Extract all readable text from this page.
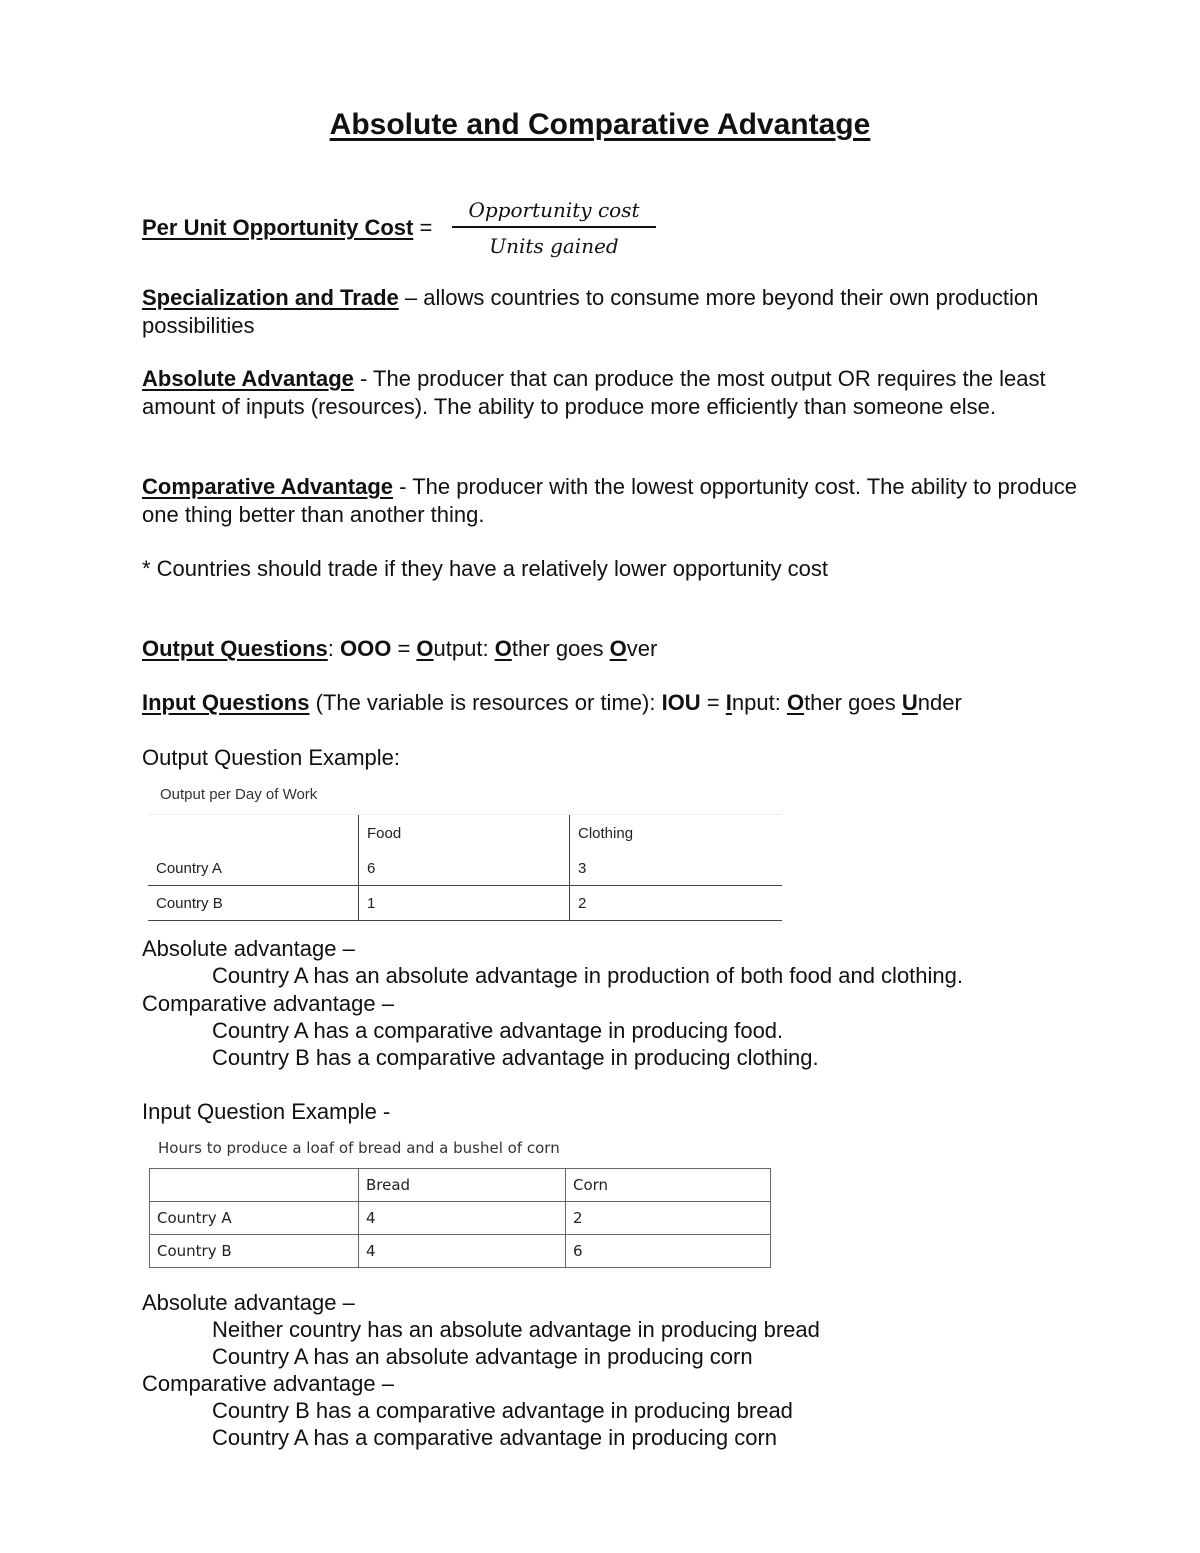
Absolute and Comparative Advantage
Per Unit Opportunity Cost =
Opportunity cost
Units gained

Specialization and Trade – allows countries to consume more beyond their own production possibilities

Absolute Advantage - The producer that can produce the most output OR requires the least amount of inputs (resources). The ability to produce more efficiently than someone else.

Comparative Advantage - The producer with the lowest opportunity cost. The ability to produce one thing better than another thing.

* Countries should trade if they have a relatively lower opportunity cost

Output Questions: OOO = Output: Other goes Over

Input Questions (The variable is resources or time): IOU = Input: Other goes Under

Output Question Example:

Output per Day of Work
	Food	Clothing
Country A	6	3
Country B	1	2

Absolute advantage –

Country A has an absolute advantage in production of both food and clothing.

Comparative advantage –

Country A has a comparative advantage in producing food.

Country B has a comparative advantage in producing clothing.

Input Question Example -

Hours to produce a loaf of bread and a bushel of corn
	Bread	Corn
Country A	4	2
Country B	4	6

Absolute advantage –

Neither country has an absolute advantage in producing bread

Country A has an absolute advantage in producing corn

Comparative advantage –

Country B has a comparative advantage in producing bread

Country A has a comparative advantage in producing corn
